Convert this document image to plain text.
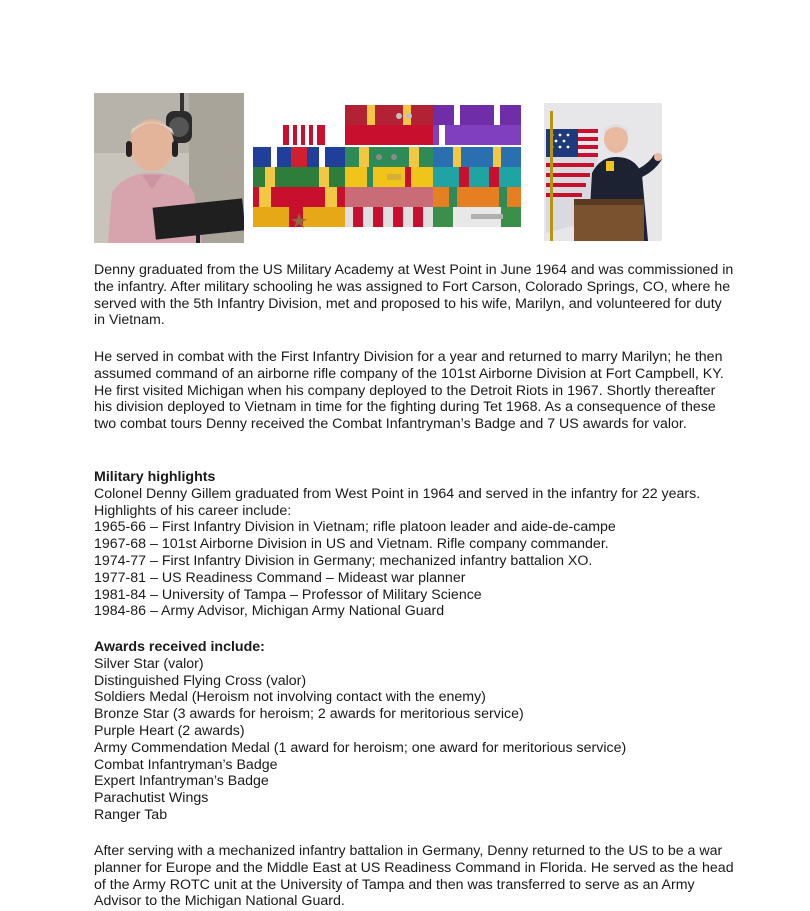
Denny graduated from the US Military Academy at West Point in June 1964 and was commissioned in the infantry. After military schooling he was assigned to Fort Carson, Colorado Springs, CO, where he served with the 5th Infantry Division, met and proposed to his wife, Marilyn, and volunteered for duty in Vietnam.

He served in combat with the First Infantry Division for a year and returned to marry Marilyn; he then assumed command of an airborne rifle company of the 101st Airborne Division at Fort Campbell, KY. He first visited Michigan when his company deployed to the Detroit Riots in 1967. Shortly thereafter his division deployed to Vietnam in time for the fighting during Tet 1968. As a consequence of these two combat tours Denny received the Combat Infantryman’s Badge and 7 US awards for valor.

Military highlights

Colonel Denny Gillem graduated from West Point in 1964 and served in the infantry for 22 years. Highlights of his career include:

1965-66 – First Infantry Division in Vietnam; rifle platoon leader and aide-de-campe
1967-68 – 101st Airborne Division in US and Vietnam. Rifle company commander.
1974-77 – First Infantry Division in Germany; mechanized infantry battalion XO.
1977-81 – US Readiness Command – Mideast war planner
1981-84 – University of Tampa – Professor of Military Science
1984-86 – Army Advisor, Michigan Army National Guard

Awards received include:

Silver Star (valor)
Distinguished Flying Cross (valor)
Soldiers Medal (Heroism not involving contact with the enemy)
Bronze Star (3 awards for heroism; 2 awards for meritorious service)
Purple Heart (2 awards)
Army Commendation Medal (1 award for heroism; one award for meritorious service)
Combat Infantryman’s Badge
Expert Infantryman’s Badge
Parachutist Wings
Ranger Tab

After serving with a mechanized infantry battalion in Germany, Denny returned to the US to be a war planner for Europe and the Middle East at US Readiness Command in Florida. He served as the head of the Army ROTC unit at the University of Tampa and then was transferred to serve as an Army Advisor to the Michigan National Guard.
